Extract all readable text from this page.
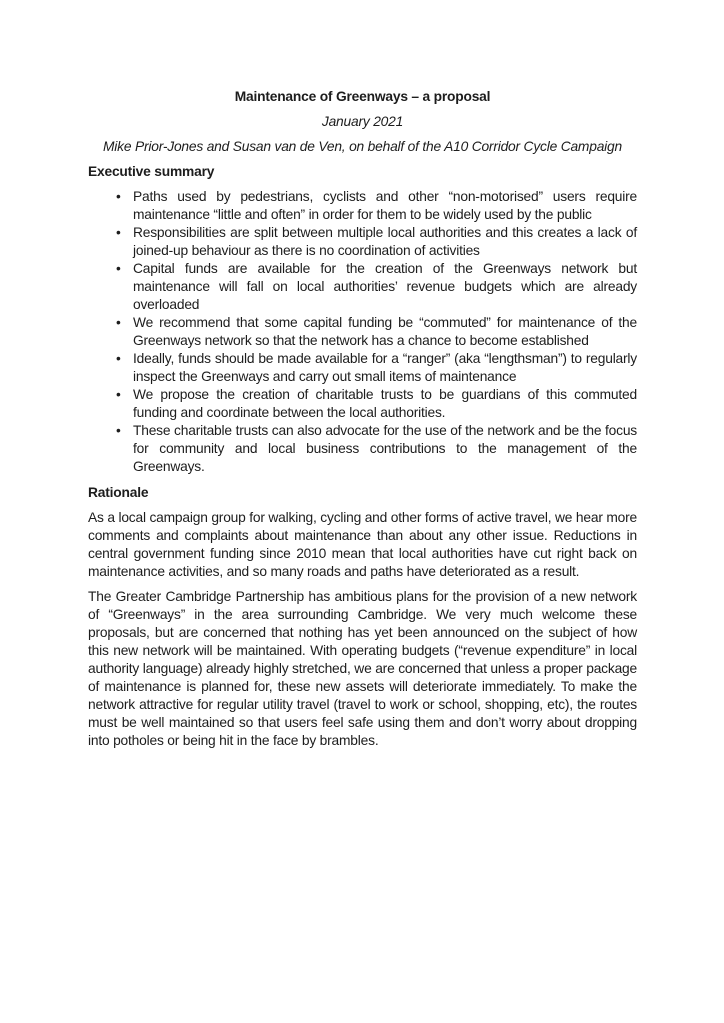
Maintenance of Greenways – a proposal

January 2021

Mike Prior-Jones and Susan van de Ven, on behalf of the A10 Corridor Cycle Campaign

Executive summary

• Paths used by pedestrians, cyclists and other “non-motorised” users require maintenance “little and often” in order for them to be widely used by the public
• Responsibilities are split between multiple local authorities and this creates a lack of joined-up behaviour as there is no coordination of activities
• Capital funds are available for the creation of the Greenways network but maintenance will fall on local authorities’ revenue budgets which are already overloaded
• We recommend that some capital funding be “commuted” for maintenance of the Greenways network so that the network has a chance to become established
• Ideally, funds should be made available for a “ranger” (aka “lengthsman”) to regularly inspect the Greenways and carry out small items of maintenance
• We propose the creation of charitable trusts to be guardians of this commuted funding and coordinate between the local authorities.
• These charitable trusts can also advocate for the use of the network and be the focus for community and local business contributions to the management of the Greenways.

Rationale

As a local campaign group for walking, cycling and other forms of active travel, we hear more comments and complaints about maintenance than about any other issue. Reductions in central government funding since 2010 mean that local authorities have cut right back on maintenance activities, and so many roads and paths have deteriorated as a result.

The Greater Cambridge Partnership has ambitious plans for the provision of a new network of “Greenways” in the area surrounding Cambridge. We very much welcome these proposals, but are concerned that nothing has yet been announced on the subject of how this new network will be maintained. With operating budgets (“revenue expenditure” in local authority language) already highly stretched, we are concerned that unless a proper package of maintenance is planned for, these new assets will deteriorate immediately. To make the network attractive for regular utility travel (travel to work or school, shopping, etc), the routes must be well maintained so that users feel safe using them and don’t worry about dropping into potholes or being hit in the face by brambles.
